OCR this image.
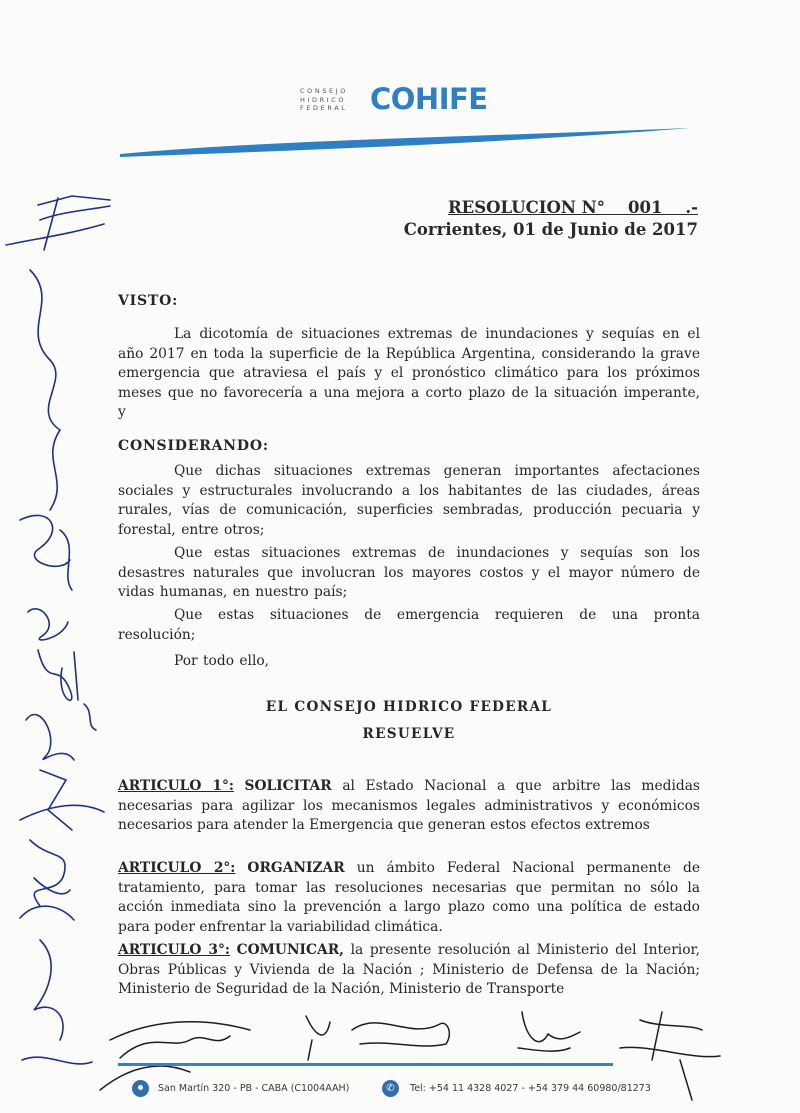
CONSEJO
HIDRICO
FEDERAL COHIFE
RESOLUCION N°    001    .-
Corrientes, 01 de Junio de 2017
VISTO:
La dicotomía de situaciones extremas de inundaciones y sequías en el año 2017 en toda la superficie de la República Argentina, considerando la grave emergencia que atraviesa el país y el pronóstico climático para los próximos meses que no favorecería a una mejora a corto plazo de la situación imperante, y
CONSIDERANDO:
Que dichas situaciones extremas generan importantes afectaciones sociales y estructurales involucrando a los habitantes de las ciudades, áreas rurales, vías de comunicación, superficies sembradas, producción pecuaria y forestal, entre otros;
Que estas situaciones extremas de inundaciones y sequías son los desastres naturales que involucran los mayores costos y el mayor número de vidas humanas, en nuestro país;
Que estas situaciones de emergencia requieren de una pronta resolución;
Por todo ello,
EL CONSEJO HIDRICO FEDERAL
RESUELVE
ARTICULO 1°: SOLICITAR al Estado Nacional a que arbitre las medidas necesarias para agilizar los mecanismos legales administrativos y económicos necesarios para atender la Emergencia que generan estos efectos extremos
ARTICULO 2°: ORGANIZAR un ámbito Federal Nacional permanente de tratamiento, para tomar las resoluciones necesarias que permitan no sólo la acción inmediata sino la prevención a largo plazo como una política de estado para poder enfrentar la variabilidad climática.
ARTICULO 3°: COMUNICAR, la presente resolución al Ministerio del Interior, Obras Públicas y Vivienda de la Nación ; Ministerio de Defensa de la Nación; Ministerio de Seguridad de la Nación, Ministerio de Transporte
San Martín 320 - PB - CABA (C1004AAH)	✆	Tel: +54 11 4328 4027 - +54 379 44 60980/81273
